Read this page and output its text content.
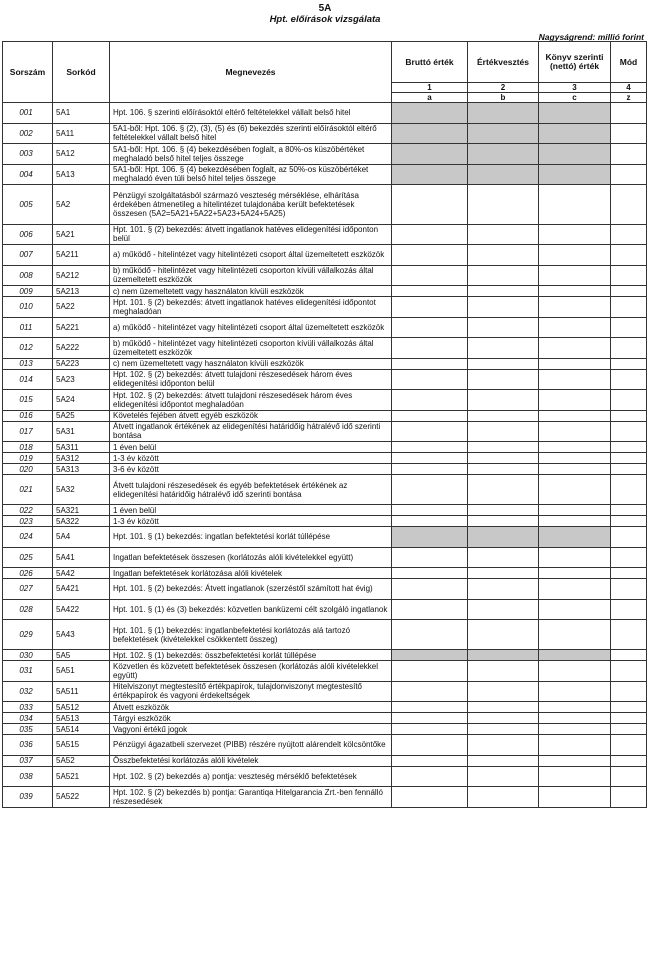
5A
Hpt. előírások vizsgálata
Nagyságrend: millió forint
Sorszám	Sorkód	Megnevezés	Bruttó érték	Értékvesztés	Könyv szerinti (nettó) érték	Mód
			1	2	3	4
			a	b	c	z
001	5A1	Hpt. 106. § szerinti előírásoktól eltérő feltételekkel vállalt belső hitel				
002	5A11	5A1-ből: Hpt. 106. § (2), (3), (5) és (6) bekezdés szerinti előírásoktól eltérő feltételekkel vállalt belső hitel				
003	5A12	5A1-ből: Hpt. 106. § (4) bekezdésében foglalt, a 80%-os küszöbértéket meghaladó belső hitel teljes összege				
004	5A13	5A1-ből: Hpt. 106. § (4) bekezdésében foglalt, az 50%-os küszöbértéket meghaladó éven túli belső hitel teljes összege				
005	5A2	Pénzügyi szolgáltatásból származó veszteség mérséklése, elhárítása érdekében átmenetileg a hitelintézet tulajdonába került befektetések összesen (5A2=5A21+5A22+5A23+5A24+5A25)				
006	5A21	Hpt. 101. § (2) bekezdés: átvett ingatlanok hatéves elidegenítési időponton belül				
007	5A211	a) működő - hitelintézet vagy hitelintézeti csoport által üzemeltetett eszközök				
008	5A212	b) működő - hitelintézet vagy hitelintézeti csoporton kívüli vállalkozás által üzemeltetett eszközök				
009	5A213	c) nem üzemeltetett vagy használaton kívüli eszközök				
010	5A22	Hpt. 101. § (2) bekezdés: átvett ingatlanok hatéves elidegenítési időpontot meghaladóan				
011	5A221	a) működő - hitelintézet vagy hitelintézeti csoport által üzemeltetett eszközök				
012	5A222	b) működő - hitelintézet vagy hitelintézeti csoporton kívüli vállalkozás által üzemeltetett eszközök				
013	5A223	c) nem üzemeltetett vagy használaton kívüli eszközök				
014	5A23	Hpt. 102. § (2) bekezdés: átvett tulajdoni részesedések három éves elidegenítési időponton belül				
015	5A24	Hpt. 102. § (2) bekezdés: átvett tulajdoni részesedések három éves elidegenítési időpontot meghaladóan				
016	5A25	Követelés fejében átvett egyéb eszközök				
017	5A31	Átvett ingatlanok értékének az elidegenítési határidőig hátralévő idő szerinti bontása				
018	5A311	1 éven belül				
019	5A312	1-3 év között				
020	5A313	3-6 év között				
021	5A32	Átvett tulajdoni részesedések és egyéb befektetések értékének az elidegenítési határidőig hátralévő idő szerinti bontása				
022	5A321	1 éven belül				
023	5A322	1-3 év között				
024	5A4	Hpt. 101. § (1) bekezdés: ingatlan befektetési korlát túllépése				
025	5A41	Ingatlan befektetések összesen (korlátozás alóli kivételekkel együtt)				
026	5A42	Ingatlan befektetések korlátozása alóli kivételek				
027	5A421	Hpt. 101. § (2) bekezdés: Átvett ingatlanok (szerzéstől számított hat évig)				
028	5A422	Hpt. 101. § (1) és (3) bekezdés: közvetlen banküzemi célt szolgáló ingatlanok				
029	5A43	Hpt. 101. § (1) bekezdés: ingatlanbefektetési korlátozás alá tartozó befektetések (kivételekkel csökkentett összeg)				
030	5A5	Hpt. 102. § (1) bekezdés: összbefektetési korlát túllépése				
031	5A51	Közvetlen és közvetett befektetések összesen (korlátozás alóli kivételekkel együtt)				
032	5A511	Hitelviszonyt megtestesítő értékpapírok, tulajdonviszonyt megtestesítő értékpapírok és vagyoni érdekeltségek				
033	5A512	Átvett eszközök				
034	5A513	Tárgyi eszközök				
035	5A514	Vagyoni értékű jogok				
036	5A515	Pénzügyi ágazatbeli szervezet (PIBB) részére nyújtott alárendelt kölcsöntőke				
037	5A52	Összbefektetési korlátozás alóli kivételek				
038	5A521	Hpt. 102. § (2) bekezdés a) pontja: veszteség mérséklő befektetések				
039	5A522	Hpt. 102. § (2) bekezdés b) pontja: Garantiqa Hitelgarancia Zrt.-ben fennálló részesedések				
